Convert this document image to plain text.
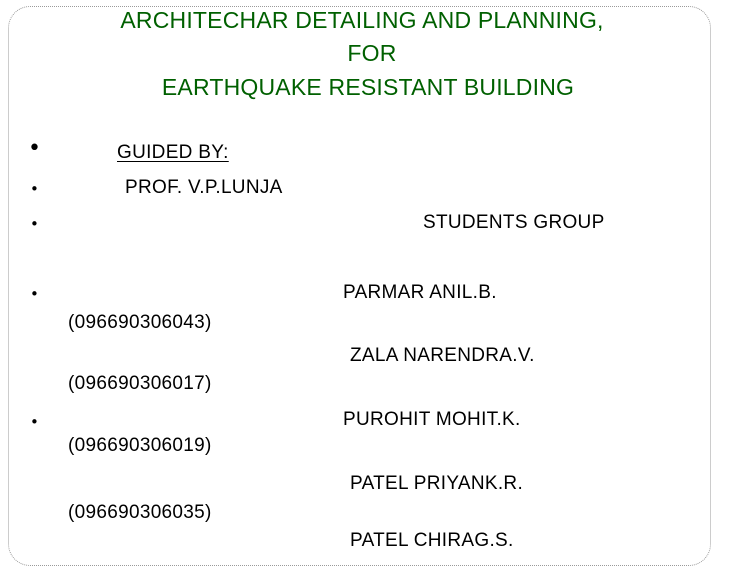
ARCHITECHAR DETAILING AND PLANNING,
FOR
EARTHQUAKE RESISTANT BUILDING
•	GUIDED BY:
•	PROF. V.P.LUNJA
•	STUDENTS GROUP
•	PARMAR ANIL.B.
(096690306043)
ZALA NARENDRA.V.
(096690306017)
•	PUROHIT MOHIT.K.
(096690306019)
PATEL PRIYANK.R.
(096690306035)
PATEL CHIRAG.S.
